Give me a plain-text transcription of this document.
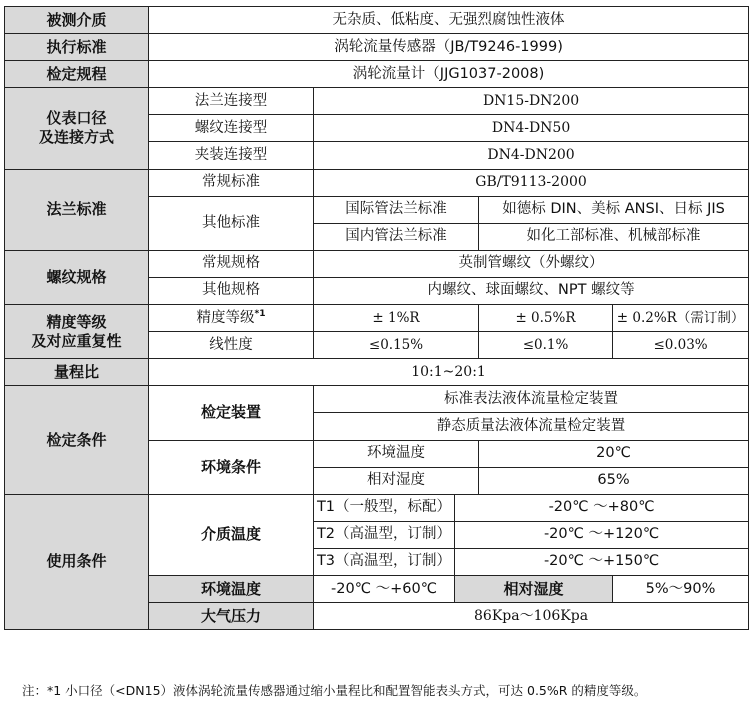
被测介质	无杂质、低粘度、无强烈腐蚀性液体				
执行标准	涡轮流量传感器（JB/T9246-1999)				
检定规程	涡轮流量计（JJG1037-2008)				

仪表口径
及连接方式	法兰连接型	DN15-DN200			
	螺纹连接型	DN4-DN50			
	夹装连接型	DN4-DN200			
法兰标准	常规标准	GB/T9113-2000			
	其他标准	国际管法兰标准		如德标 DIN、美标 ANSI、日标 JIS	
		国内管法兰标准		如化工部标准、机械部标准	
螺纹规格	常规规格	英制管螺纹（外螺纹）			
	其他规格	内螺纹、球面螺纹、NPT 螺纹等			

精度等级
及对应重复性	精度等级$^{*1}$	± 1%R		± 0.5%R	± 0.2%R（需订制）
	线性度	≤0.15%		≤0.1%	≤0.03%
量程比	10:1~20:1				
检定条件	检定装置	标准表法液体流量检定装置			
		静态质量法液体流量检定装置			
	环境条件	环境温度		20℃	
		相对湿度		65%	
使用条件	介质温度	T1（一般型，标配）	-20℃ ～+80℃		
		T2（高温型，订制）	-20℃ ～+120℃		
		T3（高温型，订制）	-20℃ ～+150℃		
	环境温度	-20℃ ～+60℃	相对湿度		5%～90%
	大气压力	86Kpa～106Kpa			
注：*1 小口径（<DN15）液体涡轮流量传感器通过缩小量程比和配置智能表头方式，可达 0.5%R 的精度等级。
